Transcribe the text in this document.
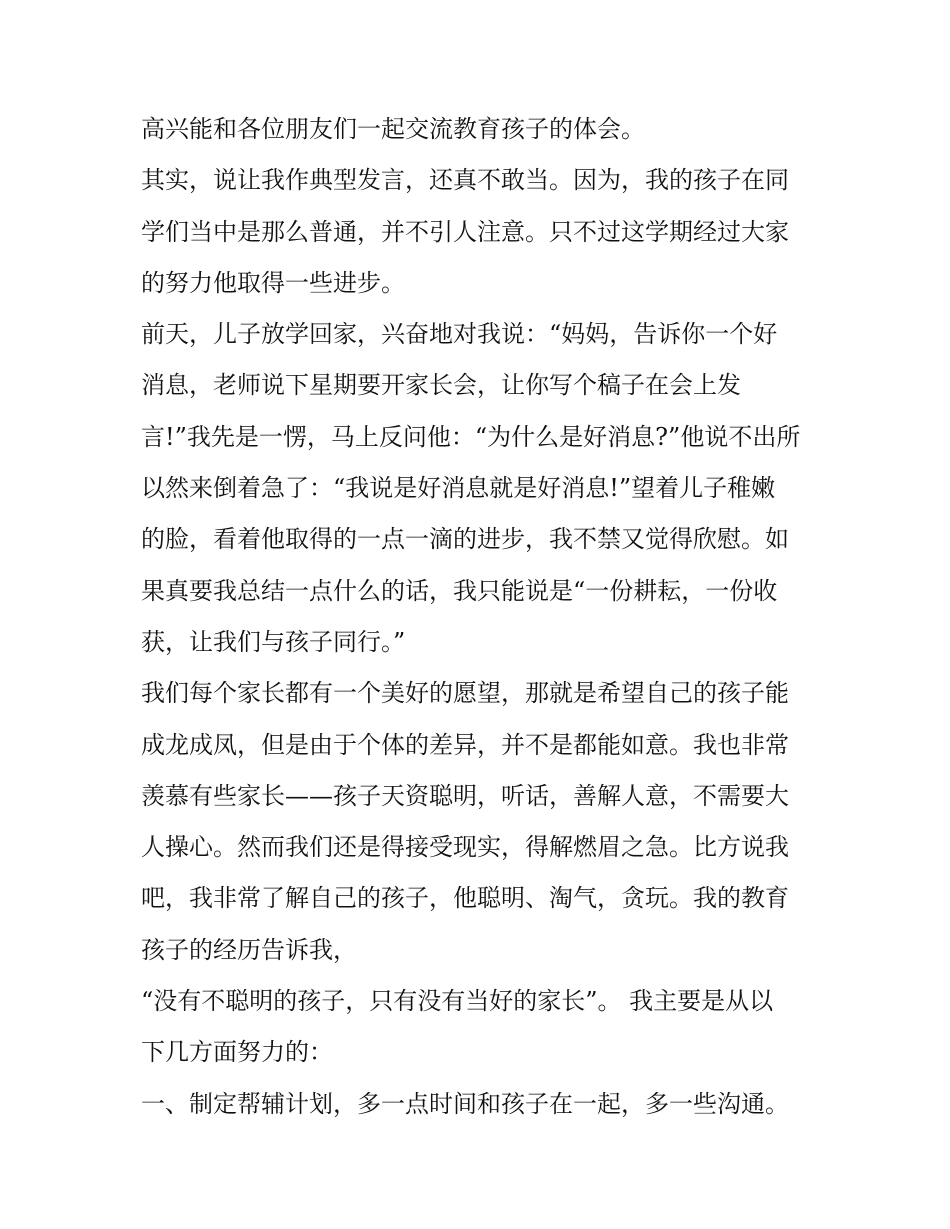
高兴能和各位朋友们一起交流教育孩子的体会。
其实，说让我作典型发言，还真不敢当。因为，我的孩子在同
学们当中是那么普通，并不引人注意。只不过这学期经过大家
的努力他取得一些进步。
前天，儿子放学回家，兴奋地对我说：“妈妈，告诉你一个好
消息，老师说下星期要开家长会，让你写个稿子在会上发
言!”我先是一愣，马上反问他：“为什么是好消息?”他说不出所
以然来倒着急了：“我说是好消息就是好消息!”望着儿子稚嫩
的脸，看着他取得的一点一滴的进步，我不禁又觉得欣慰。如
果真要我总结一点什么的话，我只能说是“一份耕耘，一份收
获，让我们与孩子同行。”
我们每个家长都有一个美好的愿望，那就是希望自己的孩子能
成龙成凤，但是由于个体的差异，并不是都能如意。我也非常
羡慕有些家长——孩子天资聪明，听话，善解人意，不需要大
人操心。然而我们还是得接受现实，得解燃眉之急。比方说我
吧，我非常了解自己的孩子，他聪明、淘气，贪玩。我的教育
孩子的经历告诉我，
“没有不聪明的孩子，只有没有当好的家长”。 我主要是从以
下几方面努力的：
一、制定帮辅计划，多一点时间和孩子在一起，多一些沟通。
